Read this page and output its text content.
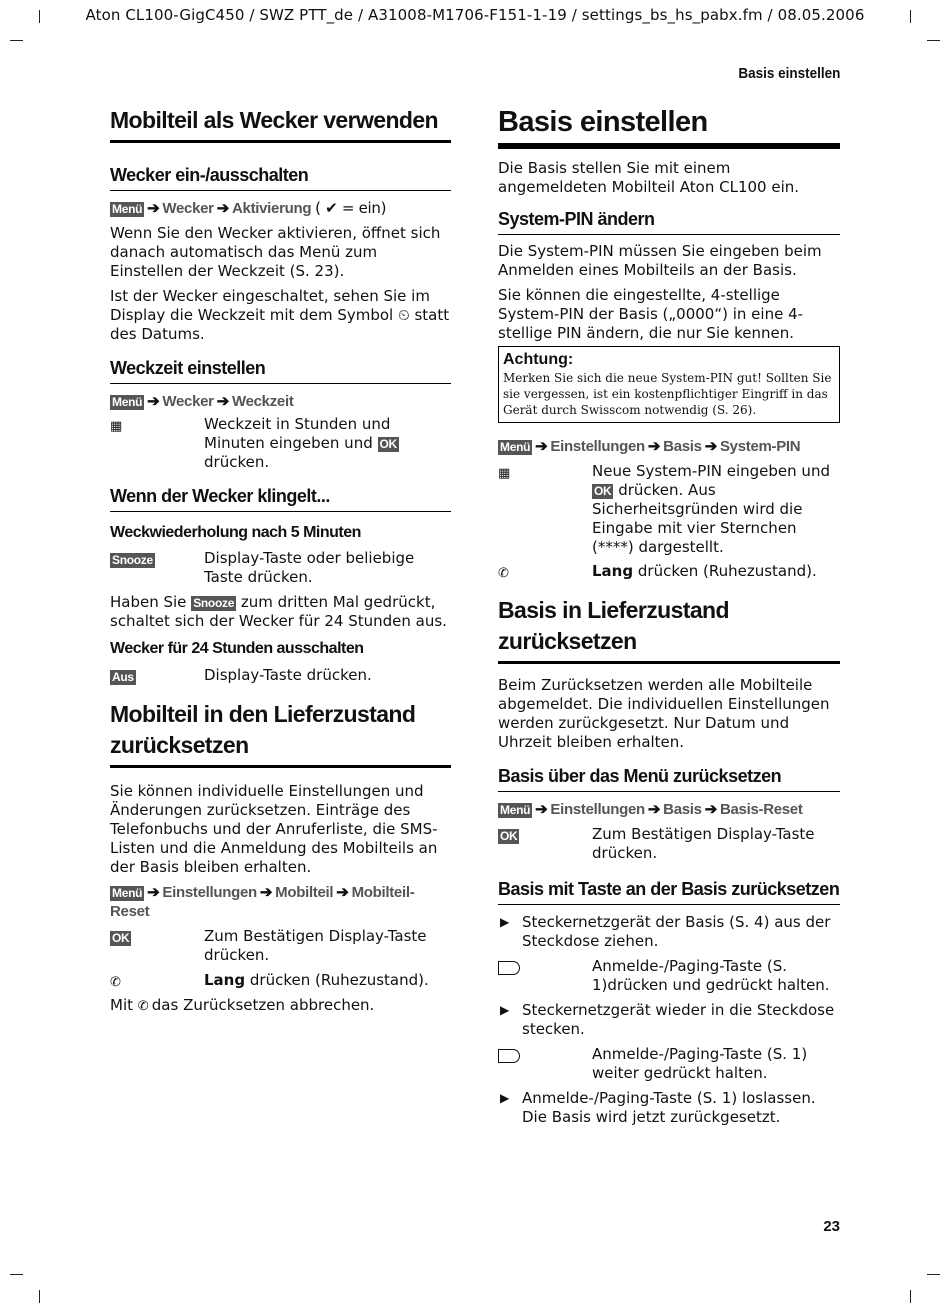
Aton CL100-GigC450 / SWZ PTT_de / A31008-M1706-F151-1-19 / settings_bs_hs_pabx.fm / 08.05.2006
Basis einstellen
23
Mobilteil als Wecker verwenden
Wecker ein-/ausschalten
Menü ➔ Wecker ➔ Aktivierung ( ✔ = ein)

Wenn Sie den Wecker aktivieren, öffnet sich danach automatisch das Menü zum Einstellen der Weckzeit (S. 23).

Ist der Wecker eingeschaltet, sehen Sie im Display die Weckzeit mit dem Symbol ⏲ statt des Datums.

Weckzeit einstellen
Menü ➔ Wecker ➔ Weckzeit
▦	Weckzeit in Stunden und Minuten eingeben und OK drücken.
Wenn der Wecker klingelt...
Weckwiederholung nach 5 Minuten
Snooze	Display-Taste oder beliebige Taste drücken.

Haben Sie Snooze zum dritten Mal gedrückt, schaltet sich der Wecker für 24 Stunden aus.

Wecker für 24 Stunden ausschalten
Aus	Display-Taste drücken.
Mobilteil in den Lieferzustand zurücksetzen

Sie können individuelle Einstellungen und Änderungen zurücksetzen. Einträge des Telefonbuchs und der Anruferliste, die SMS-Listen und die Anmeldung des Mobilteils an der Basis bleiben erhalten.

Menü ➔ Einstellungen ➔ Mobilteil ➔ Mobilteil-Reset
OK	Zum Bestätigen Display-Taste drücken.
✆	Lang drücken (Ruhezustand).

Mit ✆ das Zurücksetzen abbrechen.

Basis einstellen

Die Basis stellen Sie mit einem angemeldeten Mobilteil Aton CL100 ein.

System-PIN ändern

Die System-PIN müssen Sie eingeben beim Anmelden eines Mobilteils an der Basis.

Sie können die eingestellte, 4-stellige System-PIN der Basis („0000“) in eine 4-stellige PIN ändern, die nur Sie kennen.

Achtung:
Merken Sie sich die neue System-PIN gut! Sollten Sie sie vergessen, ist ein kostenpflichtiger Eingriff in das Gerät durch Swisscom notwendig (S. 26).
Menü ➔ Einstellungen ➔ Basis ➔ System-PIN
▦	Neue System-PIN eingeben und OK drücken. Aus Sicherheitsgründen wird die Eingabe mit vier Sternchen (****) dargestellt.
✆	Lang drücken (Ruhezustand).
Basis in Lieferzustand zurücksetzen

Beim Zurücksetzen werden alle Mobilteile abgemeldet. Die individuellen Einstellungen werden zurückgesetzt. Nur Datum und Uhrzeit bleiben erhalten.

Basis über das Menü zurücksetzen
Menü ➔ Einstellungen ➔ Basis ➔ Basis-Reset
OK	Zum Bestätigen Display-Taste drücken.
Basis mit Taste an der Basis zurücksetzen
▶ Steckernetzgerät der Basis (S. 4) aus der Steckdose ziehen.
Anmelde-/Paging-Taste (S. 1)drücken und gedrückt halten.
▶ Steckernetzgerät wieder in die Steckdose stecken.
Anmelde-/Paging-Taste (S. 1) weiter gedrückt halten.
▶ Anmelde-/Paging-Taste (S. 1) loslassen. Die Basis wird jetzt zurückgesetzt.
